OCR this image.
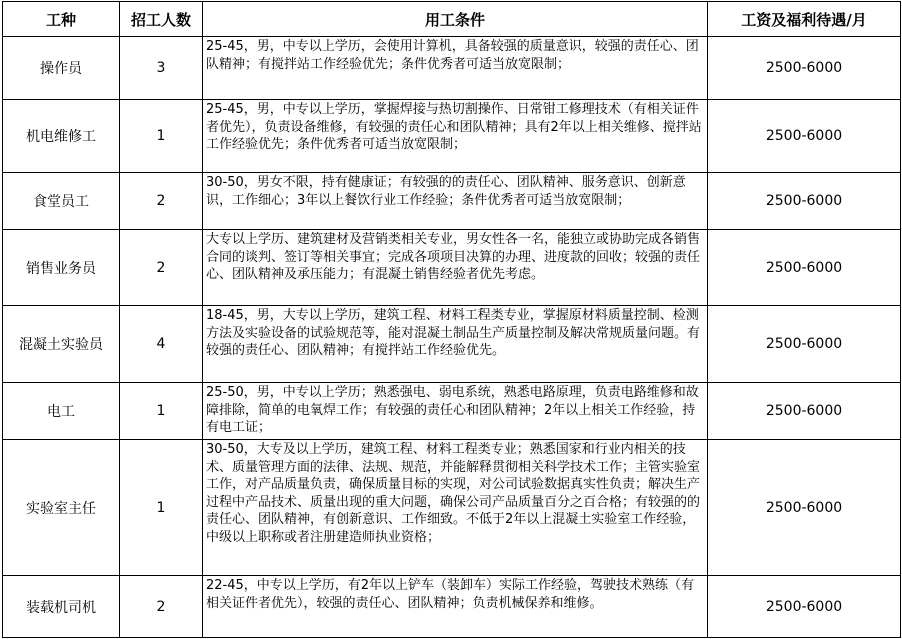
工种	招工人数	用工条件	工资及福利待遇/月
操作员	3	25-45，男，中专以上学历，会使用计算机，具备较强的质量意识，较强的责任心、团队精神；有搅拌站工作经验优先；条件优秀者可适当放宽限制；	2500-6000
机电维修工	1	25-45，男，中专以上学历，掌握焊接与热切割操作、日常钳工修理技术（有相关证件者优先），负责设备维修，有较强的责任心和团队精神；具有2年以上相关维修、搅拌站工作经验优先；条件优秀者可适当放宽限制；	2500-6000
食堂员工	2	30-50，男女不限，持有健康证；有较强的的责任心、团队精神、服务意识、创新意识，工作细心；3年以上餐饮行业工作经验；条件优秀者可适当放宽限制；	2500-6000
销售业务员	2	大专以上学历、建筑建材及营销类相关专业，男女性各一名，能独立或协助完成各销售合同的谈判、签订等相关事宜；完成各项项目决算的办理、进度款的回收；较强的责任心、团队精神及承压能力；有混凝土销售经验者优先考虑。	2500-6000
混凝土实验员	4	18-45，男，大专以上学历，建筑工程、材料工程类专业，掌握原材料质量控制、检测方法及实验设备的试验规范等，能对混凝土制品生产质量控制及解决常规质量问题。有较强的责任心、团队精神；有搅拌站工作经验优先。	2500-6000
电工	1	25-50，男，中专以上学历；熟悉强电、弱电系统，熟悉电路原理，负责电路维修和故障排除，简单的电氧焊工作；有较强的责任心和团队精神；2年以上相关工作经验，持有电工证；	2500-6000
实验室主任	1	30-50，大专及以上学历，建筑工程、材料工程类专业；熟悉国家和行业内相关的技术、质量管理方面的法律、法规、规范，并能解释贯彻相关科学技术工作；主管实验室工作，对产品质量负责，确保质量目标的实现，对公司试验数据真实性负责；解决生产过程中产品技术、质量出现的重大问题，确保公司产品质量百分之百合格；有较强的的责任心、团队精神，有创新意识、工作细致。不低于2年以上混凝土实验室工作经验，中级以上职称或者注册建造师执业资格；	2500-6000
装载机司机	2	22-45，中专以上学历，有2年以上铲车（装卸车）实际工作经验，驾驶技术熟练（有相关证件者优先），较强的责任心、团队精神；负责机械保养和维修。	2500-6000
